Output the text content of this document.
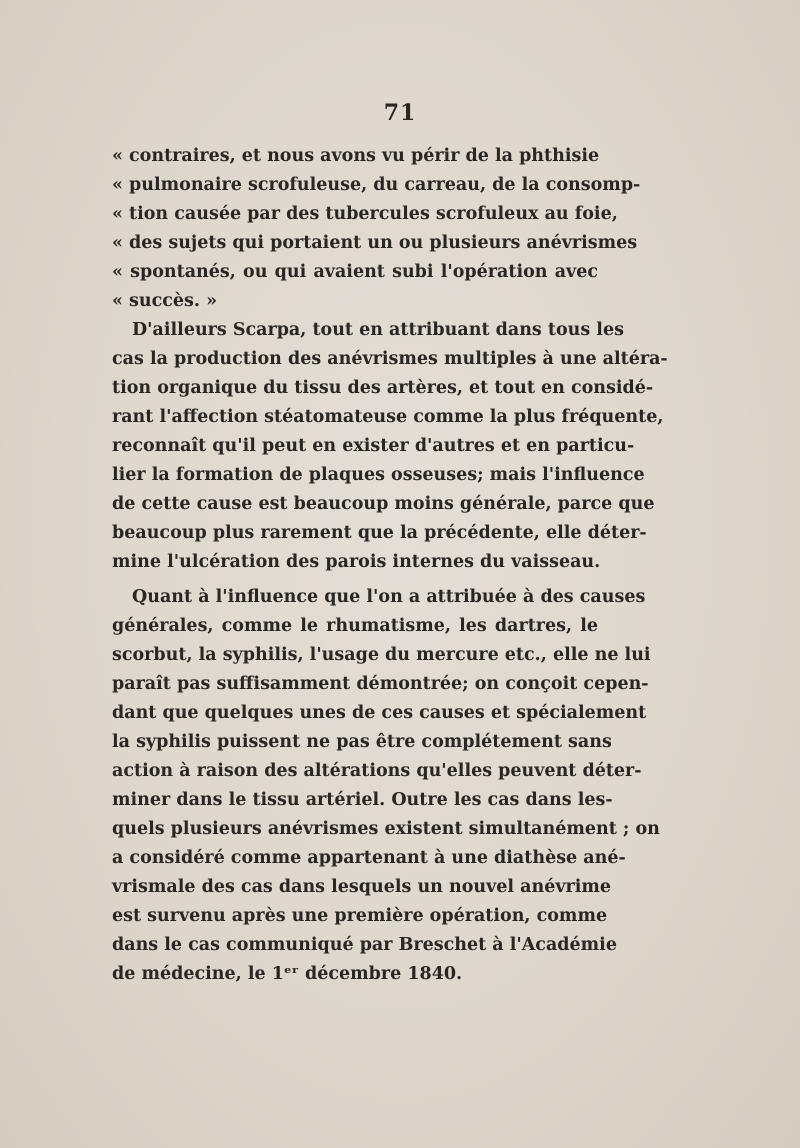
71
« contraires, et nous avons vu périr de la phthisie
« pulmonaire scrofuleuse, du carreau, de la consomp-
« tion causée par des tubercules scrofuleux au foie,
« des sujets qui portaient un ou plusieurs anévrismes
« spontanés, ou qui avaient subi l'opération avec
« succès. »
D'ailleurs Scarpa, tout en attribuant dans tous les
cas la production des anévrismes multiples à une altéra-
tion organique du tissu des artères, et tout en considé-
rant l'affection stéatomateuse comme la plus fréquente,
reconnaît qu'il peut en exister d'autres et en particu-
lier la formation de plaques osseuses; mais l'influence
de cette cause est beaucoup moins générale, parce que
beaucoup plus rarement que la précédente, elle déter-
mine l'ulcération des parois internes du vaisseau.
Quant à l'influence que l'on a attribuée à des causes
générales, comme le rhumatisme, les dartres, le
scorbut, la syphilis, l'usage du mercure etc., elle ne lui
paraît pas suffisamment démontrée; on conçoit cepen-
dant que quelques unes de ces causes et spécialement
la syphilis puissent ne pas être complétement sans
action à raison des altérations qu'elles peuvent déter-
miner dans le tissu artériel. Outre les cas dans les-
quels plusieurs anévrismes existent simultanément ; on
a considéré comme appartenant à une diathèse ané-
vrismale des cas dans lesquels un nouvel anévrime
est survenu après une première opération, comme
dans le cas communiqué par Breschet à l'Académie
de médecine, le 1ᵉʳ décembre 1840.
